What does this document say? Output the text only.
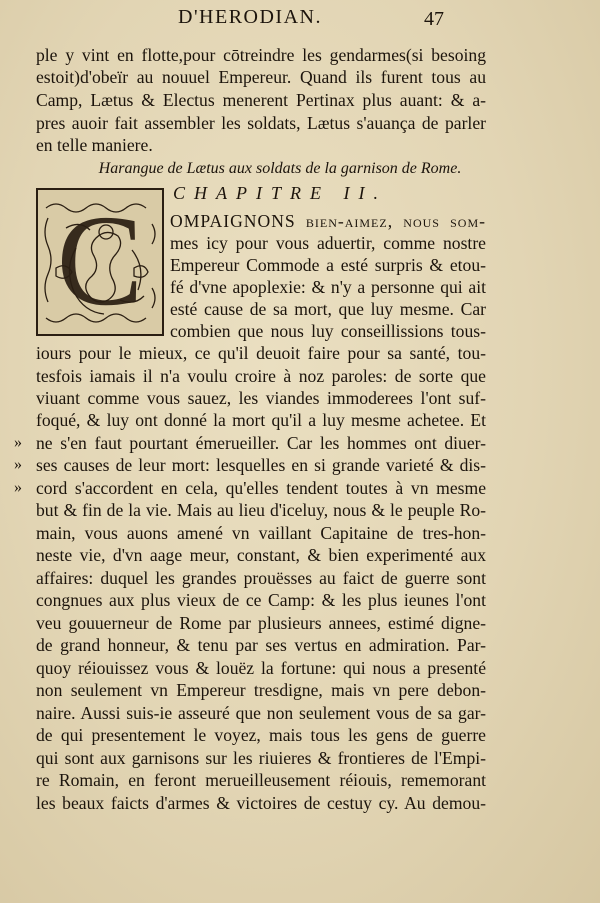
D'HERODIAN.	47
ple y vint en flotte,pour cōtreindre les gendarmes(si besoing
estoit)d'obeïr au nouuel Empereur. Quand ils furent tous au
Camp, Lætus & Electus menerent Pertinax plus auant: & a-
pres auoir fait assembler les soldats, Lætus s'auança de parler
en telle maniere.
Harangue de Lætus aux soldats de la garnison de Rome.
CHAPITRE II.
C OMPAIGNONS bien-aimez, nous som-
mes icy pour vous aduertir, comme nostre
Empereur Commode a esté surpris & etou-
fé d'vne apoplexie: & n'y a personne qui ait
esté cause de sa mort, que luy mesme. Car
combien que nous luy conseillissions tous-
iours pour le mieux, ce qu'il deuoit faire pour sa santé, tou-
tesfois iamais il n'a voulu croire à noz paroles: de sorte que
viuant comme vous sauez, les viandes immoderees l'ont suf-
foqué, & luy ont donné la mort qu'il a luy mesme achetee. Et
ne s'en faut pourtant émerueiller. Car les hommes ont diuer-
ses causes de leur mort: lesquelles en si grande varieté & dis-
cord s'accordent en cela, qu'elles tendent toutes à vn mesme
but & fin de la vie. Mais au lieu d'iceluy, nous & le peuple Ro-
main, vous auons amené vn vaillant Capitaine de tres-hon-
neste vie, d'vn aage meur, constant, & bien experimenté aux
affaires: duquel les grandes prouësses au faict de guerre sont
congnues aux plus vieux de ce Camp: & les plus ieunes l'ont
veu gouuerneur de Rome par plusieurs annees, estimé digne-
de grand honneur, & tenu par ses vertus en admiration. Par-
quoy réiouissez vous & louëz la fortune: qui nous a presenté
non seulement vn Empereur tresdigne, mais vn pere debon-
naire. Aussi suis-ie asseuré que non seulement vous de sa gar-
de qui presentement le voyez, mais tous les gens de guerre
qui sont aux garnisons sur les riuieres & frontieres de l'Empi-
re Romain, en feront merueilleusement réiouis, rememorant
les beaux faicts d'armes & victoires de cestuy cy. Au demou-
»
»
»
